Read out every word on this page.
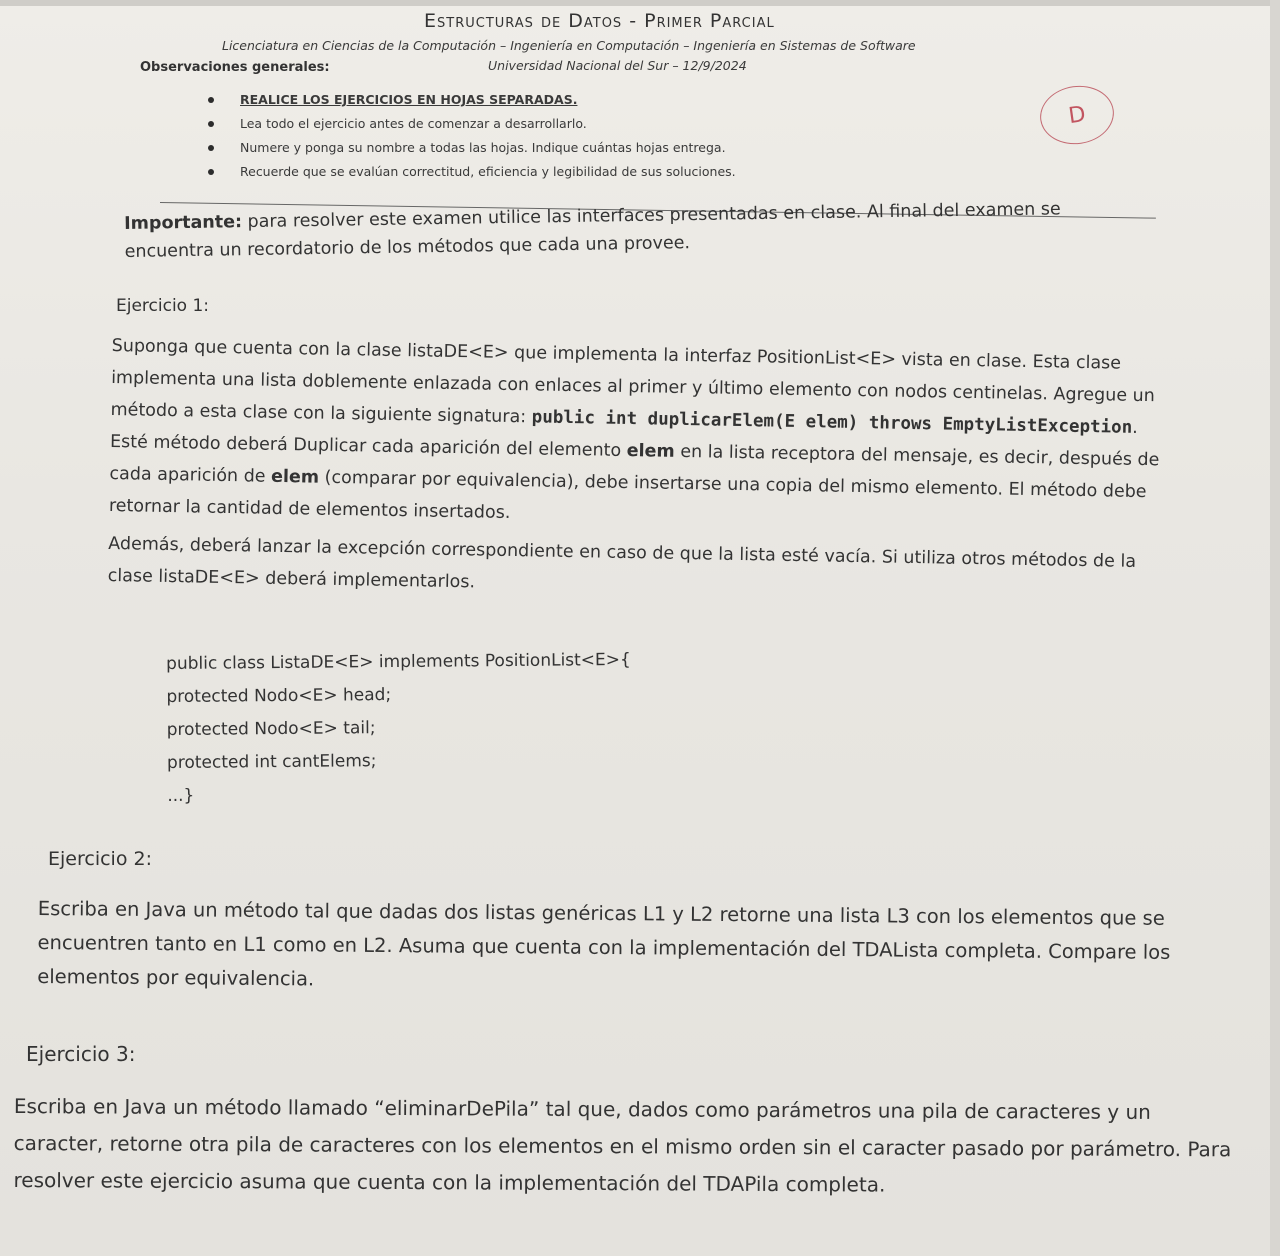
Estructuras de Datos - Primer Parcial
Licenciatura en Ciencias de la Computación – Ingeniería en Computación – Ingeniería en Sistemas de Software
Universidad Nacional del Sur – 12/9/2024
Observaciones generales:
REALICE LOS EJERCICIOS EN HOJAS SEPARADAS.
Lea todo el ejercicio antes de comenzar a desarrollarlo.
Numere y ponga su nombre a todas las hojas. Indique cuántas hojas entrega.
Recuerde que se evalúan correctitud, eficiencia y legibilidad de sus soluciones.
D
Importante: para resolver este examen utilice las interfaces presentadas en clase. Al final del examen se
encuentra un recordatorio de los métodos que cada una provee.
Ejercicio 1:

Suponga que cuenta con la clase listaDE<E> que implementa la interfaz PositionList<E> vista en clase. Esta clase implementa una lista doblemente enlazada con enlaces al primer y último elemento con nodos centinelas. Agregue un método a esta clase con la siguiente signatura: public int duplicarElem(E elem) throws EmptyListException. Esté método deberá Duplicar cada aparición del elemento elem en la lista receptora del mensaje, es decir, después de cada aparición de elem (comparar por equivalencia), debe insertarse una copia del mismo elemento. El método debe retornar la cantidad de elementos insertados.

Además, deberá lanzar la excepción correspondiente en caso de que la lista esté vacía. Si utiliza otros métodos de la clase listaDE<E> deberá implementarlos.

public class ListaDE<E> implements PositionList<E>{
protected Nodo<E> head;
protected Nodo<E> tail;
protected int cantElems;
...}
Ejercicio 2:
Escriba en Java un método tal que dadas dos listas genéricas L1 y L2 retorne una lista L3 con los elementos que se encuentren tanto en L1 como en L2. Asuma que cuenta con la implementación del TDALista completa. Compare los elementos por equivalencia.
Ejercicio 3:
Escriba en Java un método llamado “eliminarDePila” tal que, dados como parámetros una pila de caracteres y un caracter, retorne otra pila de caracteres con los elementos en el mismo orden sin el caracter pasado por parámetro. Para resolver este ejercicio asuma que cuenta con la implementación del TDAPila completa.
